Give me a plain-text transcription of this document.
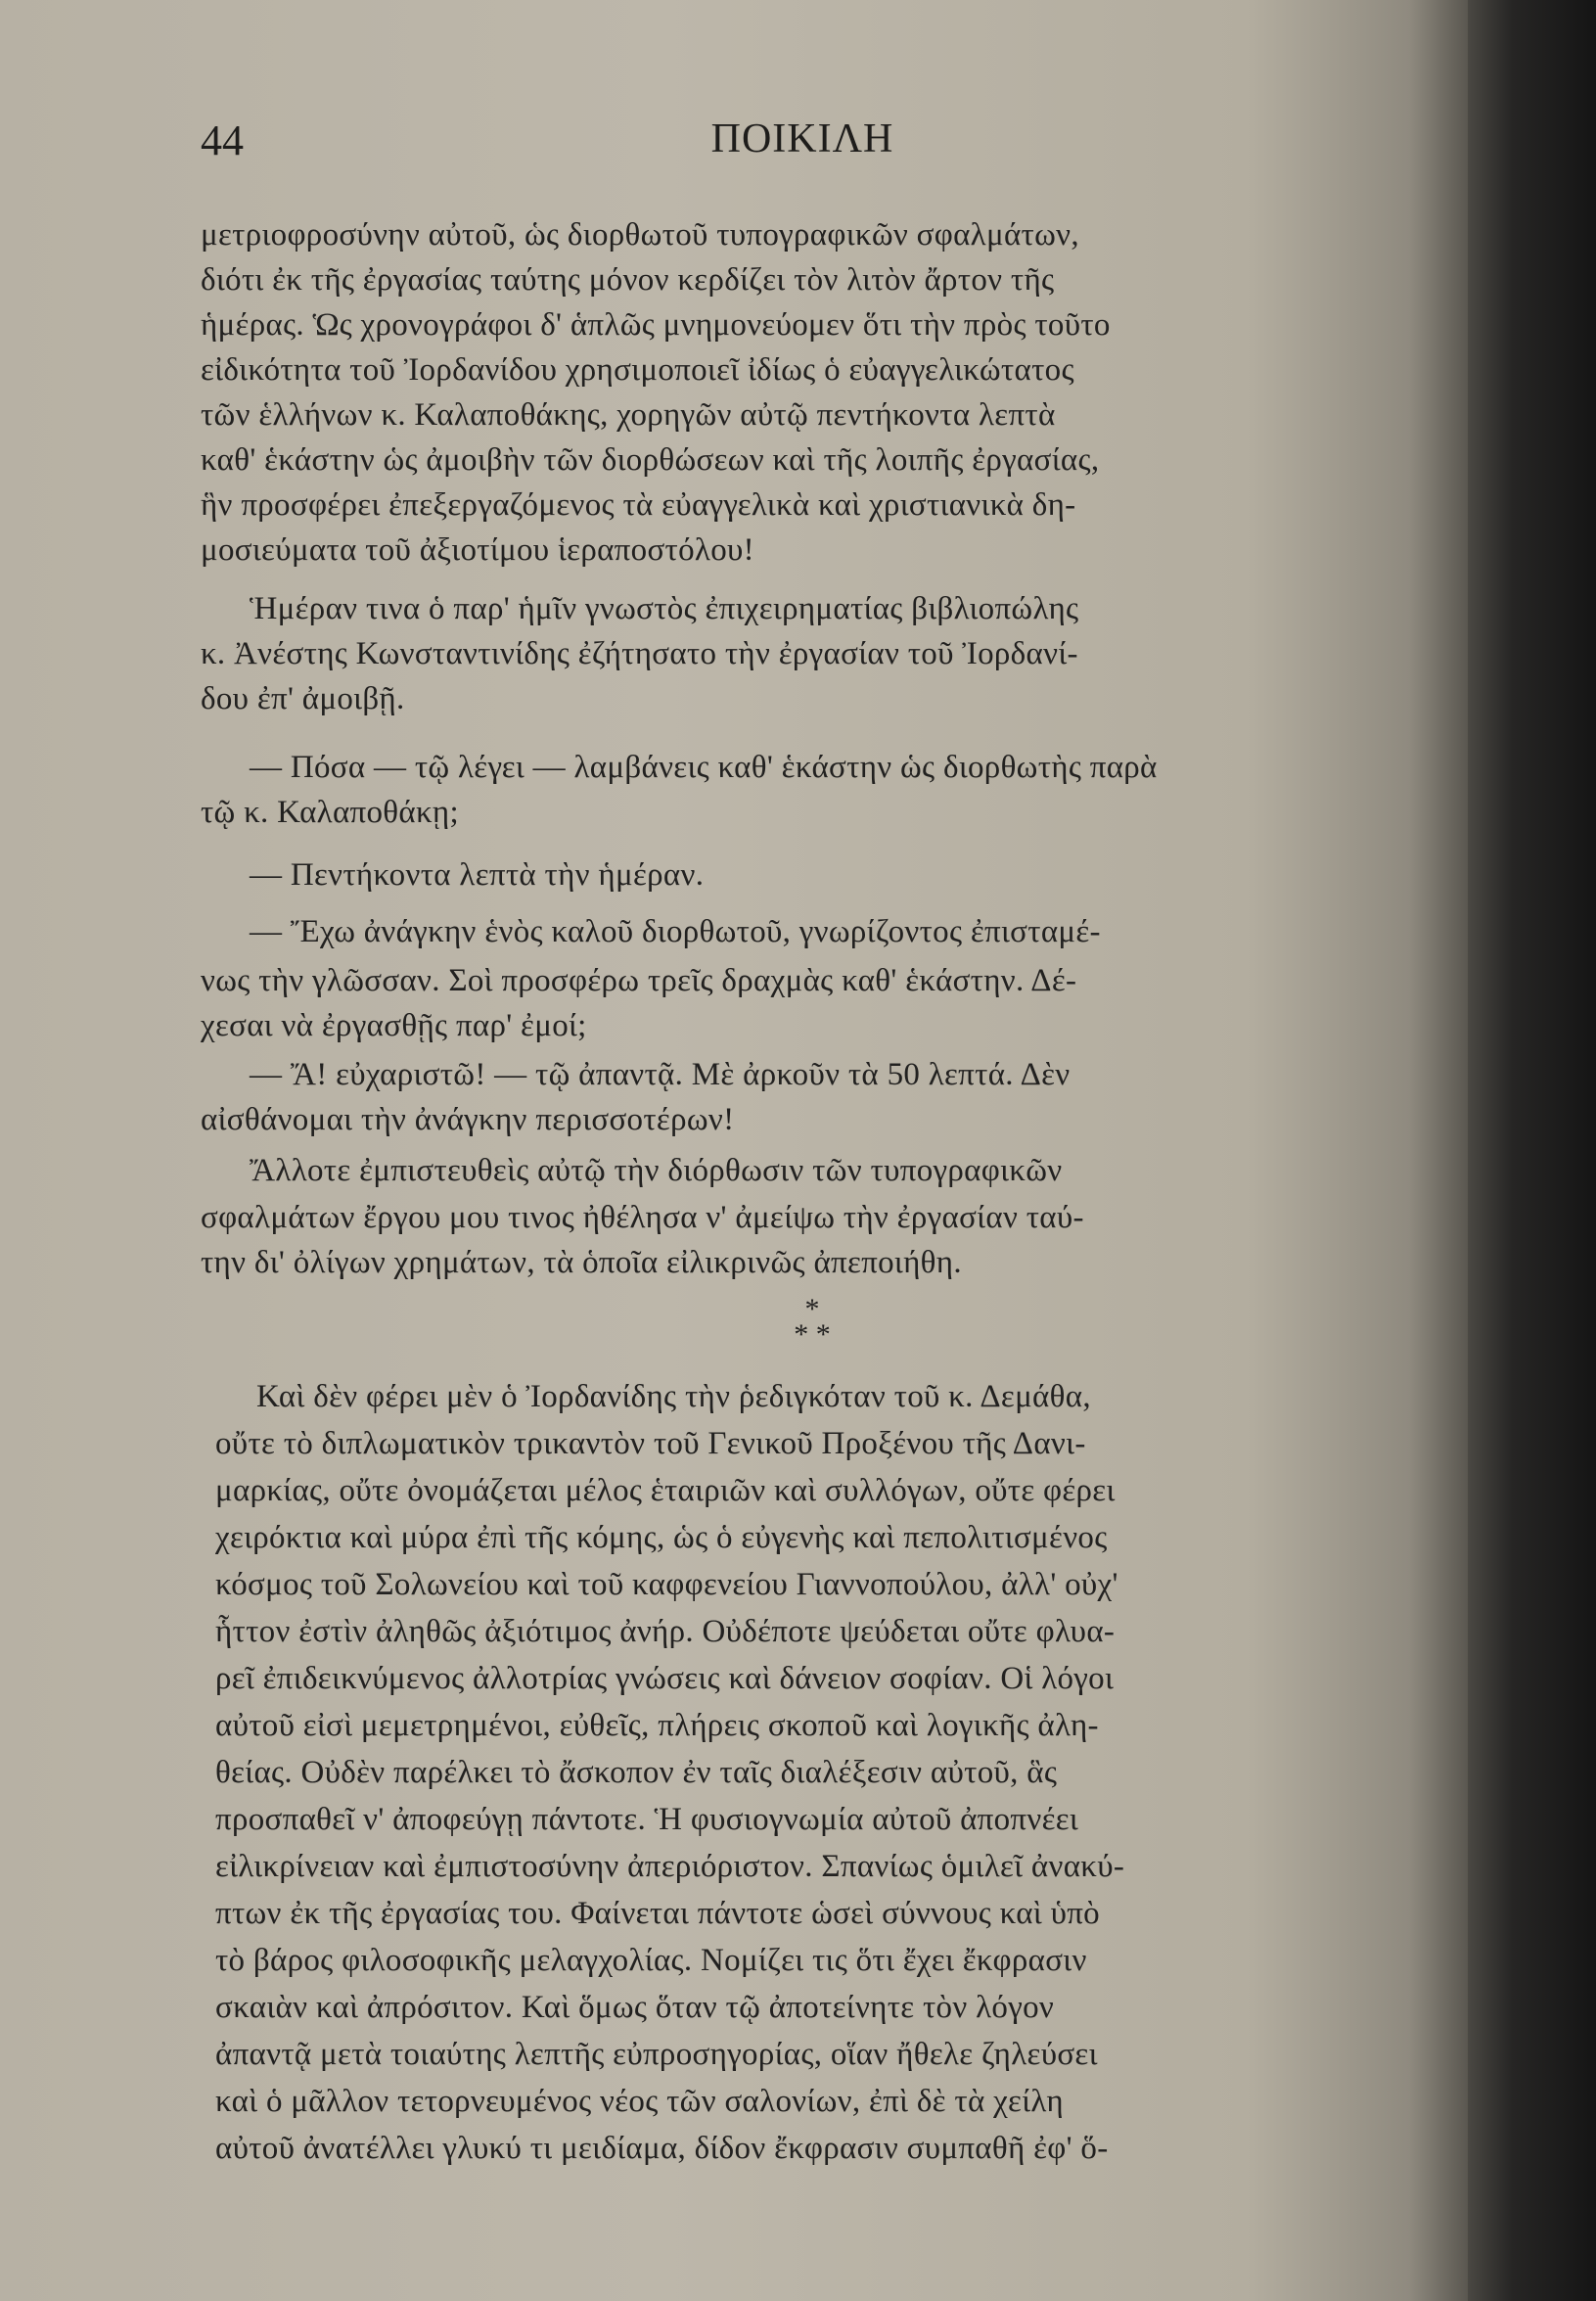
44	ΠΟΙΚΙΛΗ
μετριοφροσύνην αὐτοῦ, ὡς διορθωτοῦ τυπογραφικῶν σφαλμάτων,
διότι ἐκ τῆς ἐργασίας ταύτης μόνον κερδίζει τὸν λιτὸν ἄρτον τῆς
ἡμέρας. Ὡς χρονογράφοι δ' ἁπλῶς μνημονεύομεν ὅτι τὴν πρὸς τοῦτο
εἰδικότητα τοῦ Ἰορδανίδου χρησιμοποιεῖ ἰδίως ὁ εὐαγγελικώτατος
τῶν ἑλλήνων κ. Καλαποθάκης, χορηγῶν αὐτῷ πεντήκοντα λεπτὰ
καθ' ἑκάστην ὡς ἀμοιβὴν τῶν διορθώσεων καὶ τῆς λοιπῆς ἐργασίας,
ἣν προσφέρει ἐπεξεργαζόμενος τὰ εὐαγγελικὰ καὶ χριστιανικὰ δη-
μοσιεύματα τοῦ ἀξιοτίμου ἱεραποστόλου!
Ἡμέραν τινα ὁ παρ' ἡμῖν γνωστὸς ἐπιχειρηματίας βιβλιοπώλης
κ. Ἀνέστης Κωνσταντινίδης ἐζήτησατο τὴν ἐργασίαν τοῦ Ἰορδανί-
δου ἐπ' ἀμοιβῇ.
— Πόσα — τῷ λέγει — λαμβάνεις καθ' ἑκάστην ὡς διορθωτὴς παρὰ
τῷ κ. Καλαποθάκῃ;
— Πεντήκοντα λεπτὰ τὴν ἡμέραν.
— Ἔχω ἀνάγκην ἑνὸς καλοῦ διορθωτοῦ, γνωρίζοντος ἐπισταμέ-
νως τὴν γλῶσσαν. Σοὶ προσφέρω τρεῖς δραχμὰς καθ' ἑκάστην. Δέ-
χεσαι νὰ ἐργασθῇς παρ' ἐμοί;
— Ἄ! εὐχαριστῶ! — τῷ ἀπαντᾷ. Μὲ ἀρκοῦν τὰ 50 λεπτά. Δὲν
αἰσθάνομαι τὴν ἀνάγκην περισσοτέρων!
Ἄλλοτε ἐμπιστευθεὶς αὐτῷ τὴν διόρθωσιν τῶν τυπογραφικῶν
σφαλμάτων ἔργου μου τινος ἠθέλησα ν' ἀμείψω τὴν ἐργασίαν ταύ-
την δι' ὀλίγων χρημάτων, τὰ ὁποῖα εἰλικρινῶς ἀπεποιήθη.
*
* *
Καὶ δὲν φέρει μὲν ὁ Ἰορδανίδης τὴν ῥεδιγκόταν τοῦ κ. Δεμάθα,
οὔτε τὸ διπλωματικὸν τρικαντὸν τοῦ Γενικοῦ Προξένου τῆς Δανι-
μαρκίας, οὔτε ὀνομάζεται μέλος ἑταιριῶν καὶ συλλόγων, οὔτε φέρει
χειρόκτια καὶ μύρα ἐπὶ τῆς κόμης, ὡς ὁ εὐγενὴς καὶ πεπολιτισμένος
κόσμος τοῦ Σολωνείου καὶ τοῦ καφφενείου Γιαννοπούλου, ἀλλ' οὐχ'
ἧττον ἐστὶν ἀληθῶς ἀξιότιμος ἀνήρ. Οὐδέποτε ψεύδεται οὔτε φλυα-
ρεῖ ἐπιδεικνύμενος ἀλλοτρίας γνώσεις καὶ δάνειον σοφίαν. Οἱ λόγοι
αὐτοῦ εἰσὶ μεμετρημένοι, εὐθεῖς, πλήρεις σκοποῦ καὶ λογικῆς ἀλη-
θείας. Οὐδὲν παρέλκει τὸ ἄσκοπον ἐν ταῖς διαλέξεσιν αὐτοῦ, ἃς
προσπαθεῖ ν' ἀποφεύγῃ πάντοτε. Ἡ φυσιογνωμία αὐτοῦ ἀποπνέει
εἰλικρίνειαν καὶ ἐμπιστοσύνην ἀπεριόριστον. Σπανίως ὁμιλεῖ ἀνακύ-
πτων ἐκ τῆς ἐργασίας του. Φαίνεται πάντοτε ὡσεὶ σύννους καὶ ὑπὸ
τὸ βάρος φιλοσοφικῆς μελαγχολίας. Νομίζει τις ὅτι ἔχει ἔκφρασιν
σκαιὰν καὶ ἀπρόσιτον. Καὶ ὅμως ὅταν τῷ ἀποτείνητε τὸν λόγον
ἀπαντᾷ μετὰ τοιαύτης λεπτῆς εὐπροσηγορίας, οἵαν ἤθελε ζηλεύσει
καὶ ὁ μᾶλλον τετορνευμένος νέος τῶν σαλονίων, ἐπὶ δὲ τὰ χείλη
αὐτοῦ ἀνατέλλει γλυκύ τι μειδίαμα, δίδον ἔκφρασιν συμπαθῆ ἐφ' ὅ-
